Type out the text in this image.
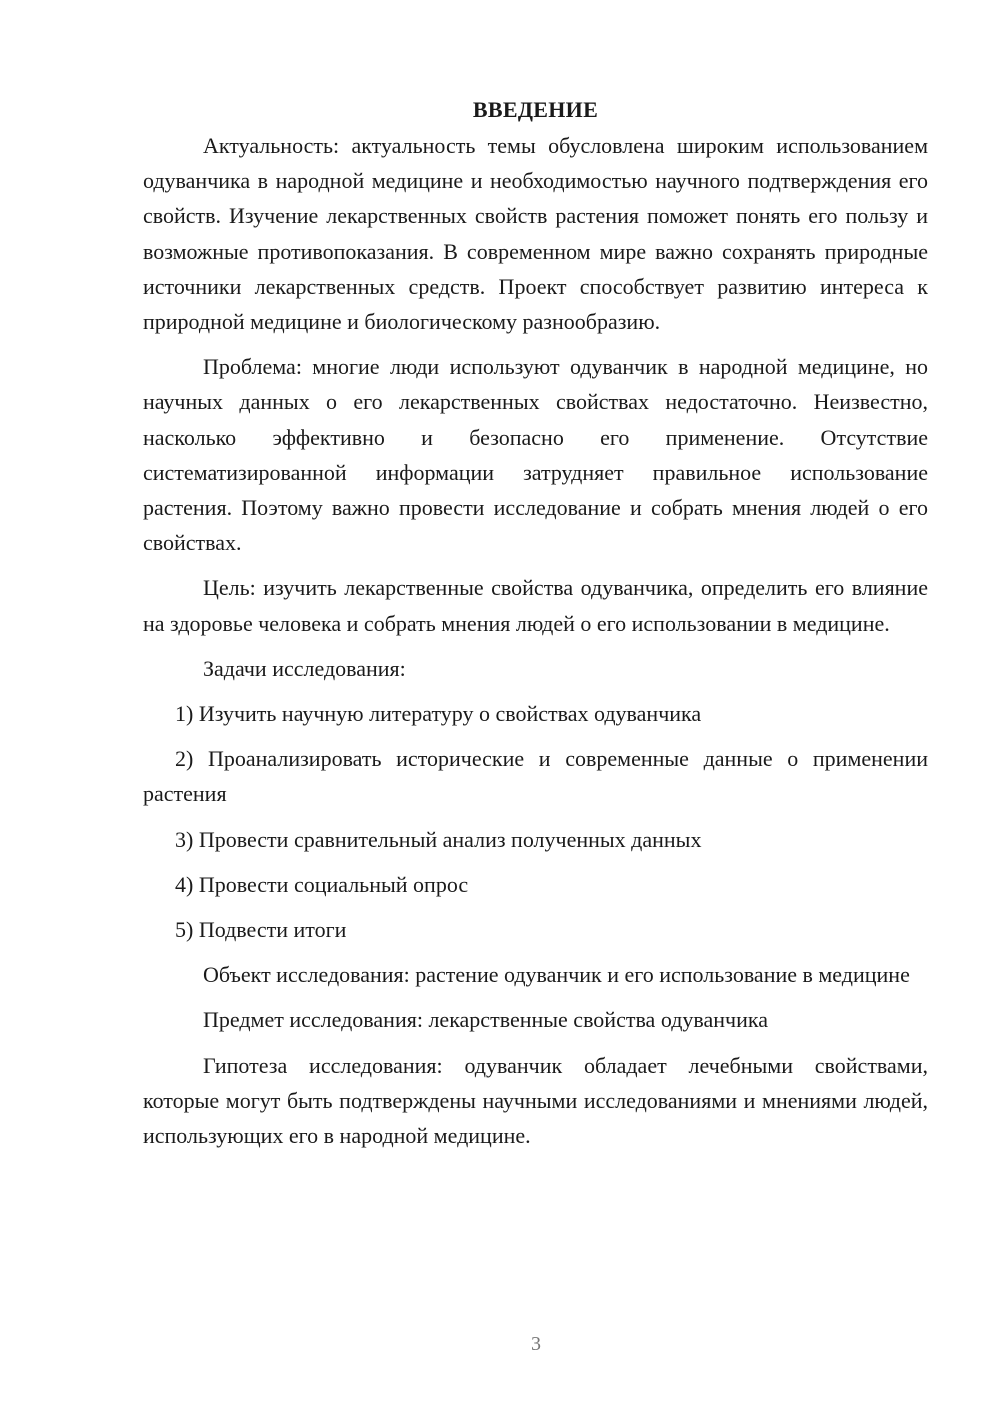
ВВЕДЕНИЕ

Актуальность: актуальность темы обусловлена широким использованием одуванчика в народной медицине и необходимостью научного подтверждения его свойств. Изучение лекарственных свойств растения поможет понять его пользу и возможные противопоказания. В современном мире важно сохранять природные источники лекарственных средств. Проект способствует развитию интереса к природной медицине и биологическому разнообразию.

Проблема: многие люди используют одуванчик в народной медицине, но научных данных о его лекарственных свойствах недостаточно. Неизвестно, насколько эффективно и безопасно его применение. Отсутствие систематизированной информации затрудняет правильное использование растения. Поэтому важно провести исследование и собрать мнения людей о его свойствах.

Цель: изучить лекарственные свойства одуванчика, определить его влияние на здоровье человека и собрать мнения людей о его использовании в медицине.

Задачи исследования:

1) Изучить научную литературу о свойствах одуванчика

2) Проанализировать исторические и современные данные о применении растения

3) Провести сравнительный анализ полученных данных

4) Провести социальный опрос

5) Подвести итоги

Объект исследования: растение одуванчик и его использование в медицине

Предмет исследования: лекарственные свойства одуванчика

Гипотеза исследования: одуванчик обладает лечебными свойствами, которые могут быть подтверждены научными исследованиями и мнениями людей, использующих его в народной медицине.

3
